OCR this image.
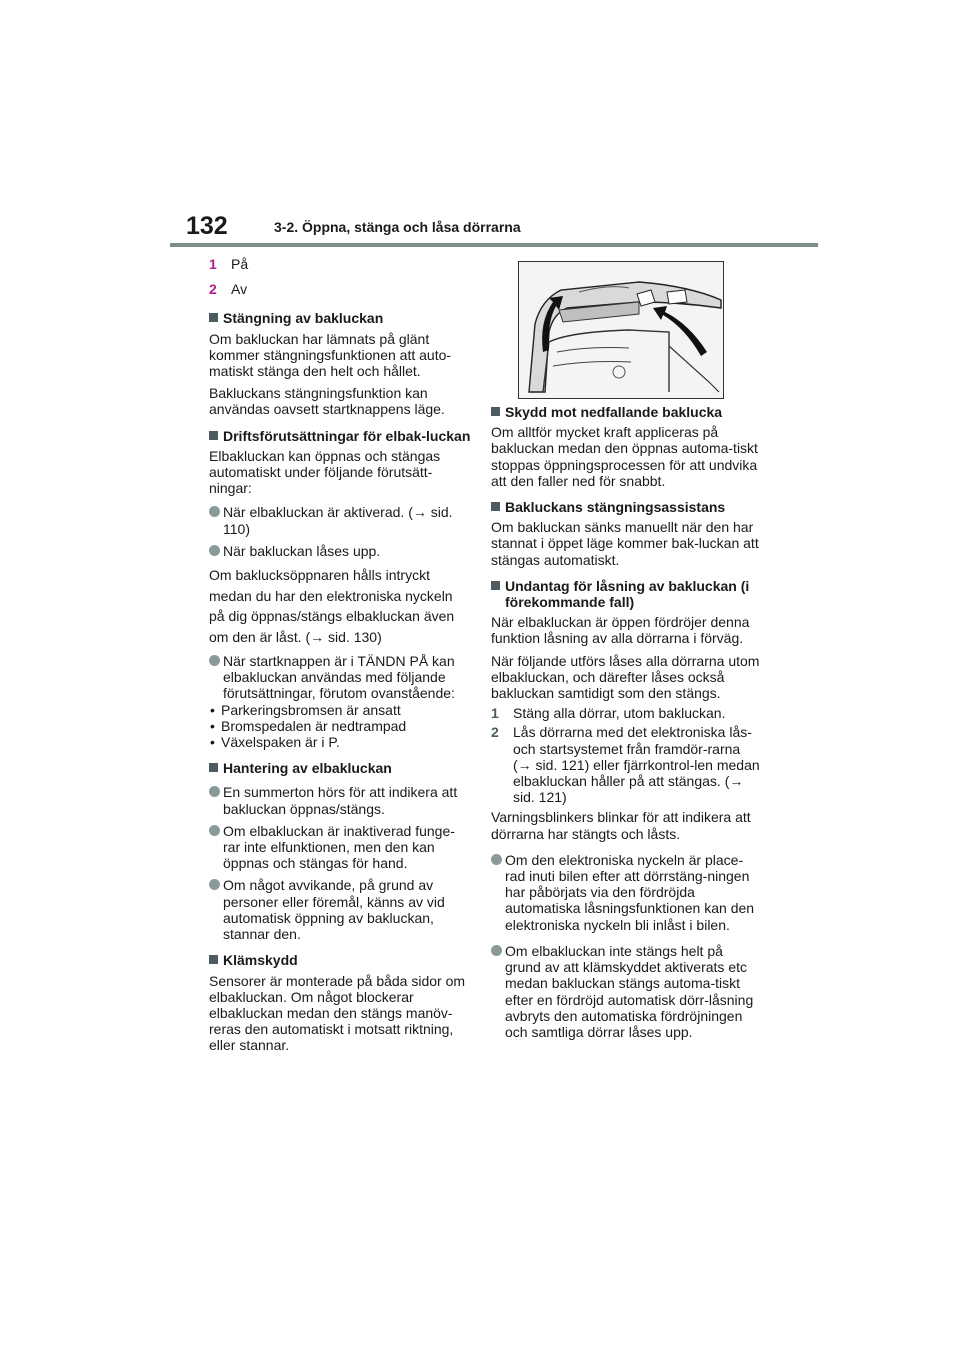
132	3-2. Öppna, stänga och låsa dörrarna
1 På
2 Av
Stängning av bakluckan

Om bakluckan har lämnats på glänt kommer stängningsfunktionen att auto-matiskt stänga den helt och hållet.

Bakluckans stängningsfunktion kan användas oavsett startknappens läge.

Driftsförutsättningar för elbak-luckan

Elbakluckan kan öppnas och stängas automatiskt under följande förutsätt-ningar:

När elbakluckan är aktiverad. (→ sid. 110)
När bakluckan låses upp.

Om baklucksöppnaren hålls intryckt

medan du har den elektroniska nyckeln

på dig öppnas/stängs elbakluckan även

om den är låst. (→ sid. 130)

När startknappen är i TÄNDN PÅ kan elbakluckan användas med följande förutsättningar, förutom ovanstående:
• Parkeringsbromsen är ansatt
• Bromspedalen är nedtrampad
• Växelspaken är i P.
Hantering av elbakluckan
En summerton hörs för att indikera att bakluckan öppnas/stängs.
Om elbakluckan är inaktiverad funge-rar inte elfunktionen, men den kan öppnas och stängas för hand.
Om något avvikande, på grund av personer eller föremål, känns av vid automatisk öppning av bakluckan, stannar den.
Klämskydd

Sensorer är monterade på båda sidor om elbakluckan. Om något blockerar elbakluckan medan den stängs manöv-reras den automatiskt i motsatt riktning, eller stannar.

Skydd mot nedfallande baklucka

Om alltför mycket kraft appliceras på bakluckan medan den öppnas automa-tiskt stoppas öppningsprocessen för att undvika att den faller ned för snabbt.

Bakluckans stängningsassistans

Om bakluckan sänks manuellt när den har stannat i öppet läge kommer bak-luckan att stängas automatiskt.

Undantag för låsning av bakluckan (i förekommande fall)

När elbakluckan är öppen fördröjer denna funktion låsning av alla dörrarna i förväg.

När följande utförs låses alla dörrarna utom elbakluckan, och därefter låses också bakluckan samtidigt som den stängs.

1 Stäng alla dörrar, utom bakluckan.
2 Lås dörrarna med det elektroniska lås- och startsystemet från framdör-rarna (→ sid. 121) eller fjärrkontrol-len medan elbakluckan håller på att stängas. (→ sid. 121)

Varningsblinkers blinkar för att indikera att dörrarna har stängts och låsts.

Om den elektroniska nyckeln är place-rad inuti bilen efter att dörrstäng-ningen har påbörjats via den fördröjda automatiska låsningsfunktionen kan den elektroniska nyckeln bli inlåst i bilen.
Om elbakluckan inte stängs helt på grund av att klämskyddet aktiverats etc medan bakluckan stängs automa-tiskt efter en fördröjd automatisk dörr-låsning avbryts den automatiska fördröjningen och samtliga dörrar låses upp.
